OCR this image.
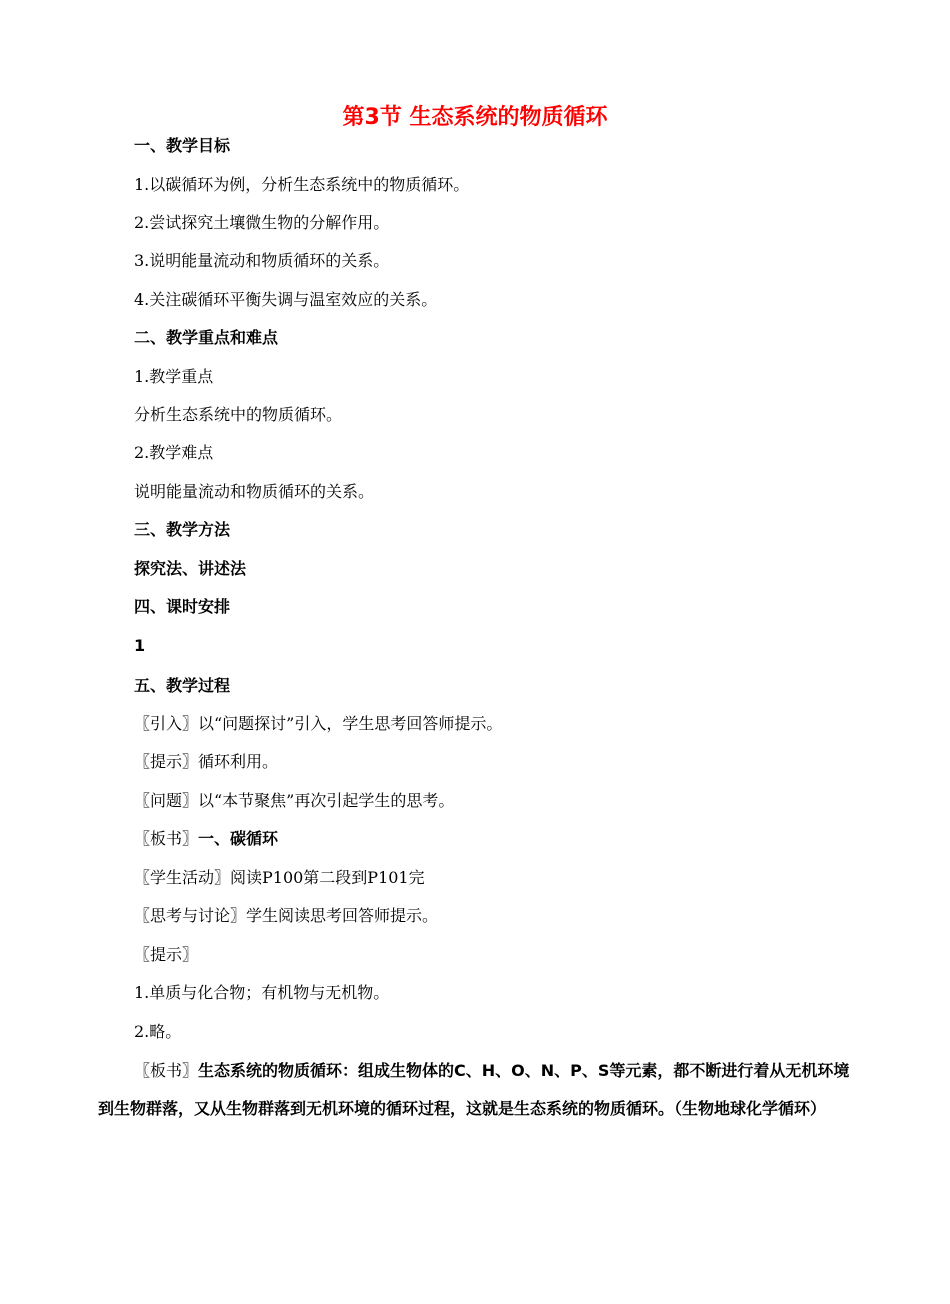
第3节 生态系统的物质循环
一、教学目标
1.以碳循环为例，分析生态系统中的物质循环。
2.尝试探究土壤微生物的分解作用。
3.说明能量流动和物质循环的关系。
4.关注碳循环平衡失调与温室效应的关系。
二、教学重点和难点
1.教学重点
分析生态系统中的物质循环。
2.教学难点
说明能量流动和物质循环的关系。
三、教学方法
探究法、讲述法
四、课时安排
1
五、教学过程
〖引入〗以“问题探讨”引入，学生思考回答师提示。
〖提示〗循环利用。
〖问题〗以“本节聚焦”再次引起学生的思考。
〖板书〗一、碳循环
〖学生活动〗阅读P100第二段到P101完
〖思考与讨论〗学生阅读思考回答师提示。
〖提示〗
1.单质与化合物；有机物与无机物。
2.略。
〖板书〗生态系统的物质循环：组成生物体的C、H、O、N、P、S等元素，都不断进行着从无机环境到生物群落，又从生物群落到无机环境的循环过程，这就是生态系统的物质循环。（生物地球化学循环）
